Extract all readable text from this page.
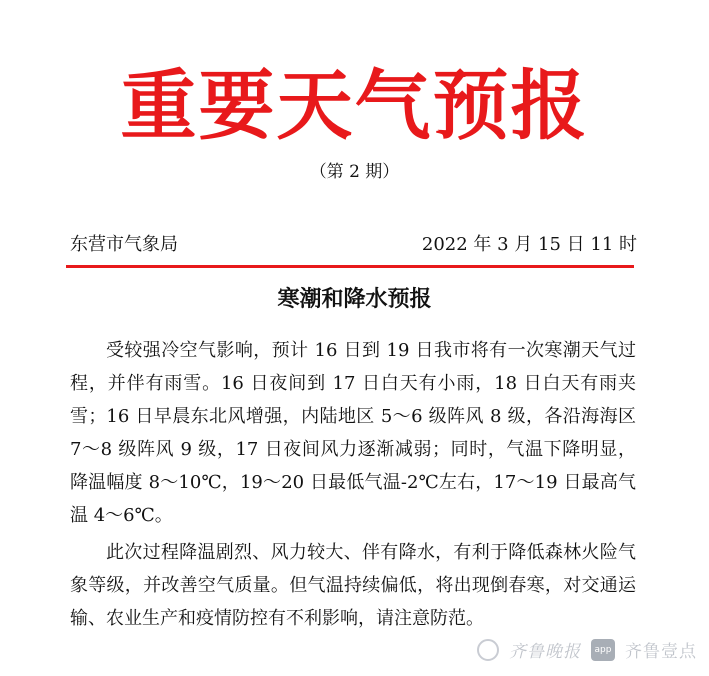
重要天气预报
（第 2 期）
东营市气象局	2022 年 3 月 15 日 11 时
寒潮和降水预报

受较强冷空气影响，预计 16 日到 19 日我市将有一次寒潮天气过程，并伴有雨雪。16 日夜间到 17 日白天有小雨，18 日白天有雨夹雪；16 日早晨东北风增强，内陆地区 5～6 级阵风 8 级，各沿海海区 7～8 级阵风 9 级，17 日夜间风力逐渐减弱；同时，气温下降明显，降温幅度 8～10℃，19～20 日最低气温-2℃左右，17～19 日最高气温 4～6℃。

此次过程降温剧烈、风力较大、伴有降水，有利于降低森林火险气象等级，并改善空气质量。但气温持续偏低，将出现倒春寒，对交通运输、农业生产和疫情防控有不利影响，请注意防范。

齐鲁晚报	app 齐鲁壹点
